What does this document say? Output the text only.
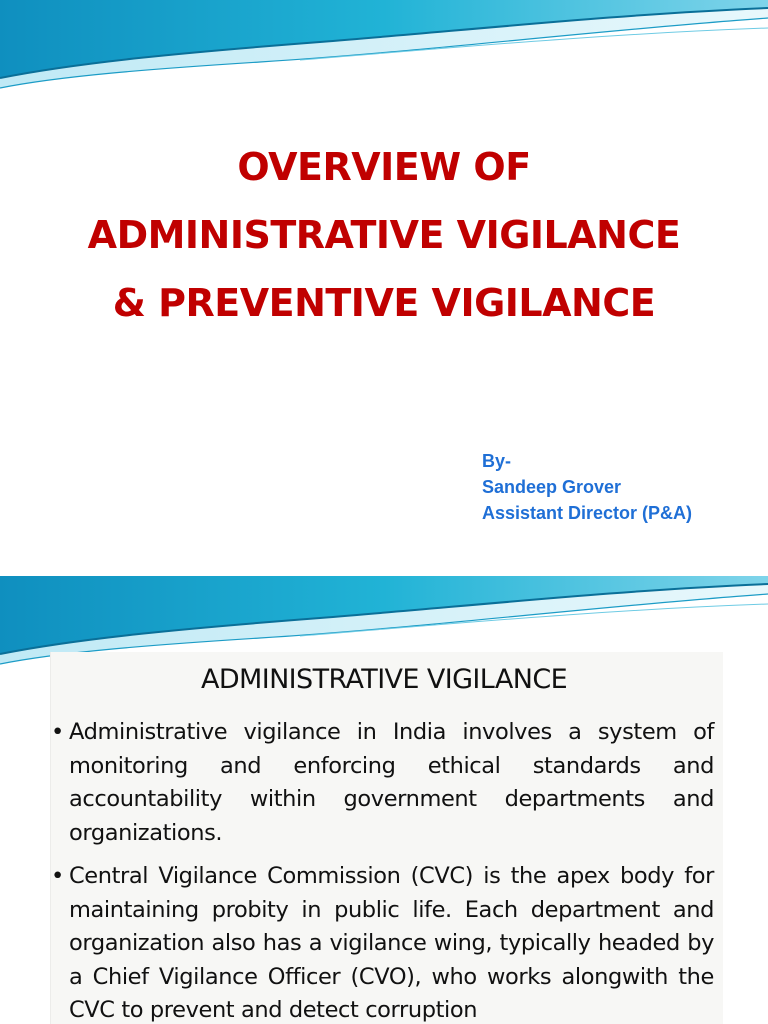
OVERVIEW OF
ADMINISTRATIVE VIGILANCE
& PREVENTIVE VIGILANCE
By-
Sandeep Grover
Assistant Director (P&A)
ADMINISTRATIVE VIGILANCE
• Administrative vigilance in India involves a system of monitoring and enforcing ethical standards and accountability within government departments and organizations.
• Central Vigilance Commission (CVC) is the apex body for maintaining probity in public life. Each department and organization also has a vigilance wing, typically headed by a Chief Vigilance Officer (CVO), who works alongwith the CVC to prevent and detect corruption
